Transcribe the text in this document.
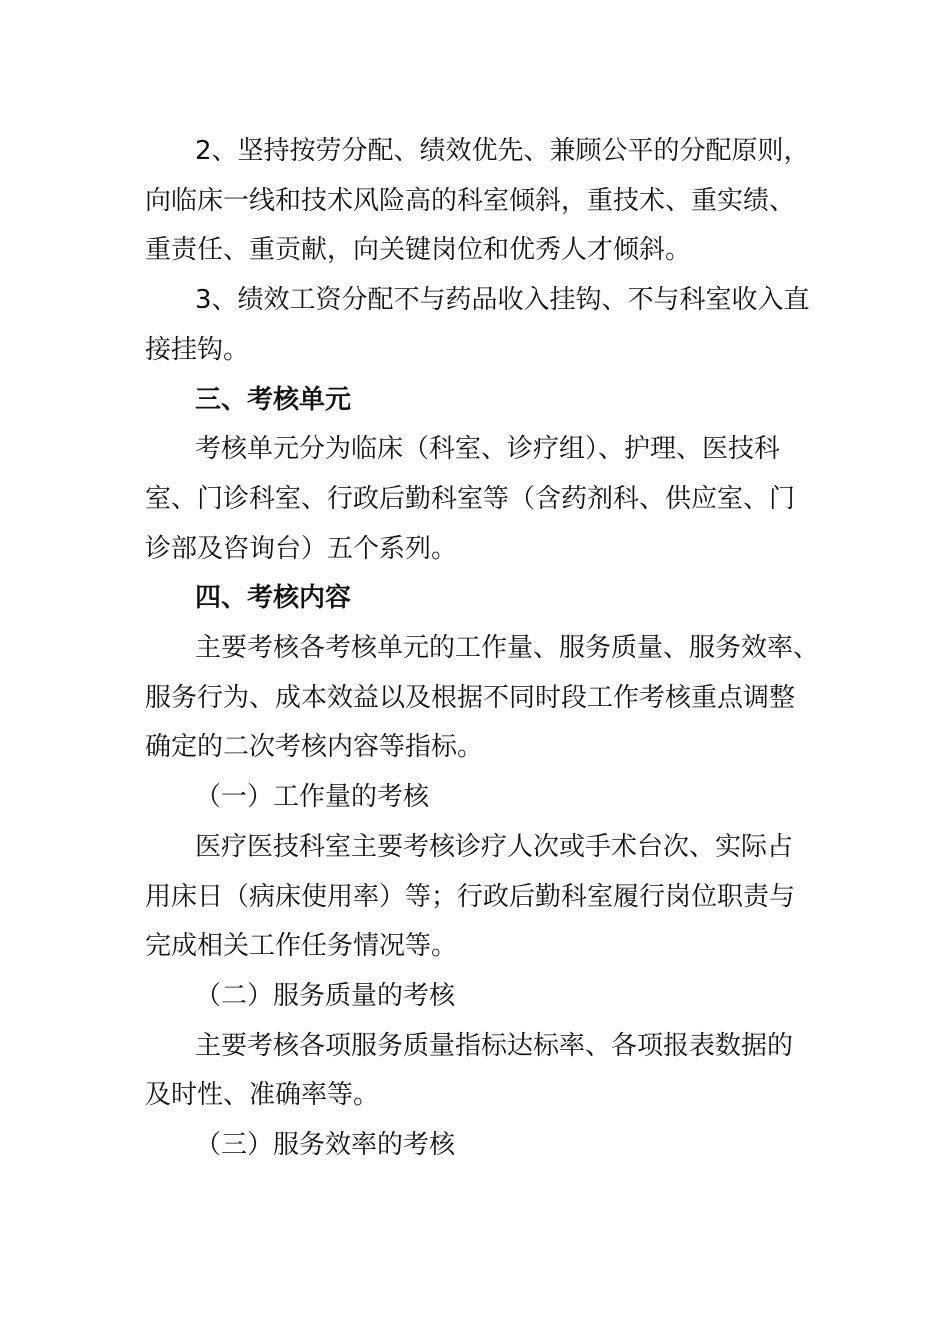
2、坚持按劳分配、绩效优先、兼顾公平的分配原则，
向临床一线和技术风险高的科室倾斜，重技术、重实绩、
重责任、重贡献，向关键岗位和优秀人才倾斜。
3、绩效工资分配不与药品收入挂钩、不与科室收入直
接挂钩。
三、考核单元
考核单元分为临床（科室、诊疗组）、护理、医技科
室、门诊科室、行政后勤科室等（含药剂科、供应室、门
诊部及咨询台）五个系列。
四、考核内容
主要考核各考核单元的工作量、服务质量、服务效率、
服务行为、成本效益以及根据不同时段工作考核重点调整
确定的二次考核内容等指标。
（一）工作量的考核
医疗医技科室主要考核诊疗人次或手术台次、实际占
用床日（病床使用率）等；行政后勤科室履行岗位职责与
完成相关工作任务情况等。
（二）服务质量的考核
主要考核各项服务质量指标达标率、各项报表数据的
及时性、准确率等。
（三）服务效率的考核
